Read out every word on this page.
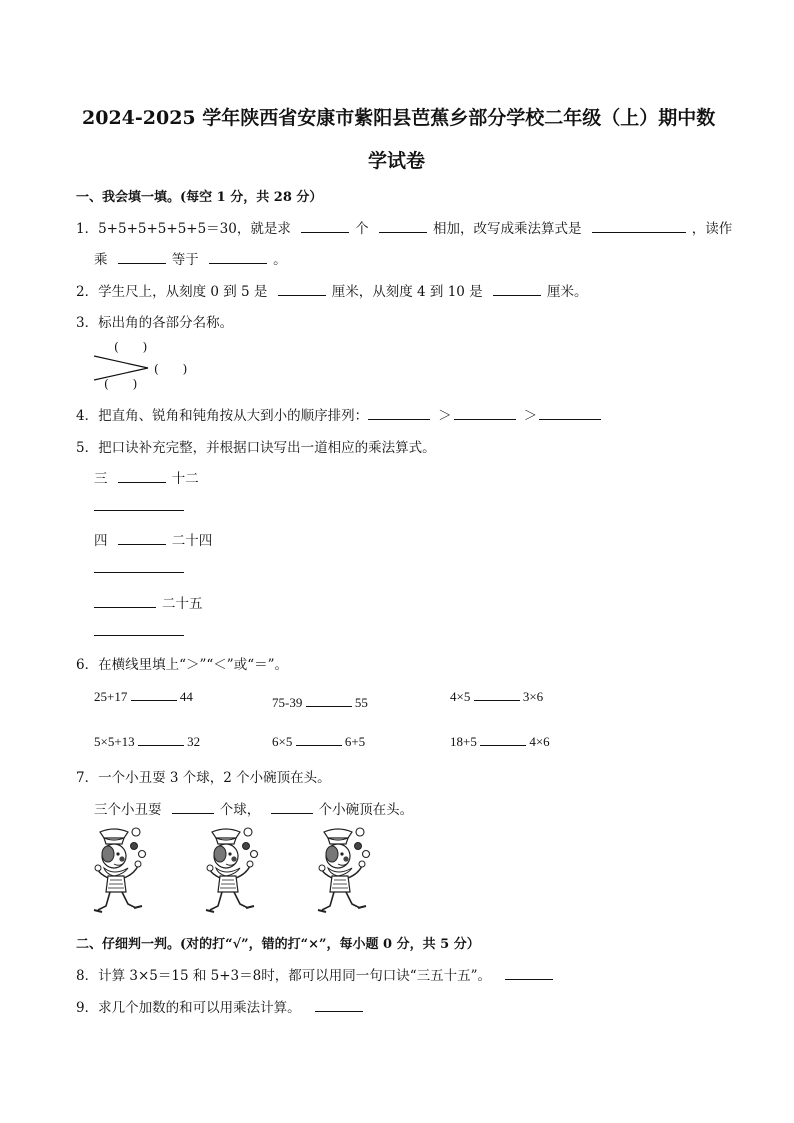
2024-2025 学年陕西省安康市紫阳县芭蕉乡部分学校二年级（上）期中数
学试卷
一、我会填一填。(每空 1 分，共 28 分）
1．5+5+5+5+5+5＝30，就是求	个	相加，改写成乘法算式是	，读作
乘	等于	。
2．学生尺上，从刻度 0 到 5 是	厘米，从刻度 4 到 10 是	厘米。
3．标出角的各部分名称。
(　　)
(　　)
(　　)
4．把直角、锐角和钝角按从大到小的顺序排列：	＞	＞
5．把口诀补充完整，并根据口诀写出一道相应的乘法算式。
三	十二
四	二十四
二十五
6．在横线里填上“＞”“＜”或“＝”。
25+17	44	75-39	55	4×5	3×6
5×5+13	32	6×5	6+5	18+5	4×6
7．一个小丑耍 3 个球，2 个小碗顶在头。
三个小丑耍	个球，	个小碗顶在头。
二、仔细判一判。(对的打“√”，错的打“×”，每小题 0 分，共 5 分）
8．计算 3×5＝15 和 5+3＝8时，都可以用同一句口诀“三五十五”。
9．求几个加数的和可以用乘法计算。
